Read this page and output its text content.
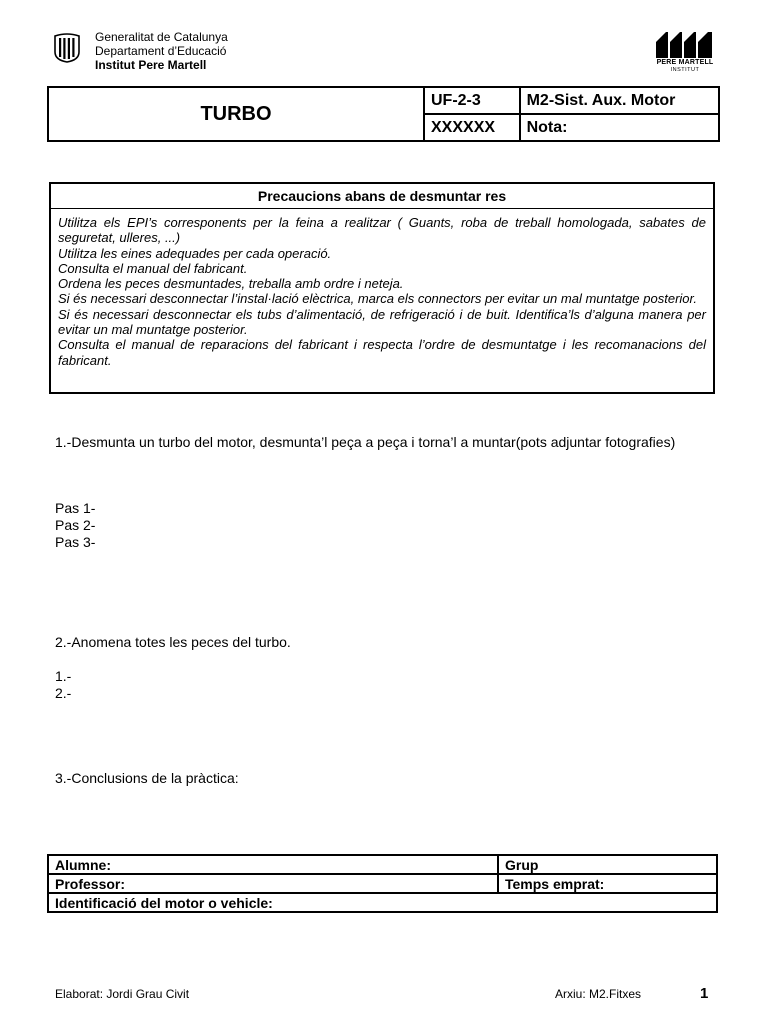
Generalitat de Catalunya
Departament d’Educació
Institut Pere Martell	PERE MARTELL
INSTITUT
TURBO	UF-2-3	M2-Sist. Aux. Motor
	XXXXXX	Nota:
Precaucions abans de desmuntar res

Utilitza els EPI’s corresponents per la feina a realitzar ( Guants, roba de treball homologada, sabates de seguretat, ulleres, ...)

Utilitza les eines adequades per cada operació.

Consulta el manual del fabricant.

Ordena les peces desmuntades, treballa amb ordre i neteja.

Si és necessari desconnectar l’instal·lació elèctrica, marca els connectors per evitar un mal muntatge posterior.

Si és necessari desconnectar els tubs d’alimentació, de refrigeració i de buit. Identifica’ls d’alguna manera per evitar un mal muntatge posterior.

Consulta el manual de reparacions del fabricant i respecta l’ordre de desmuntatge i les recomanacions del fabricant.

1.-Desmunta un turbo del motor, desmunta’l peça a peça i torna’l a muntar(pots adjuntar fotografies)
Pas 1-
Pas 2-
Pas 3-
2.-Anomena totes les peces del turbo.
1.-
2.-
3.-Conclusions de la pràctica:
Alumne:	Grup
Professor:	Temps emprat:
Identificació del motor o vehicle:	
Elaborat: Jordi Grau Civit	Arxiu: M2.Fitxes	1
